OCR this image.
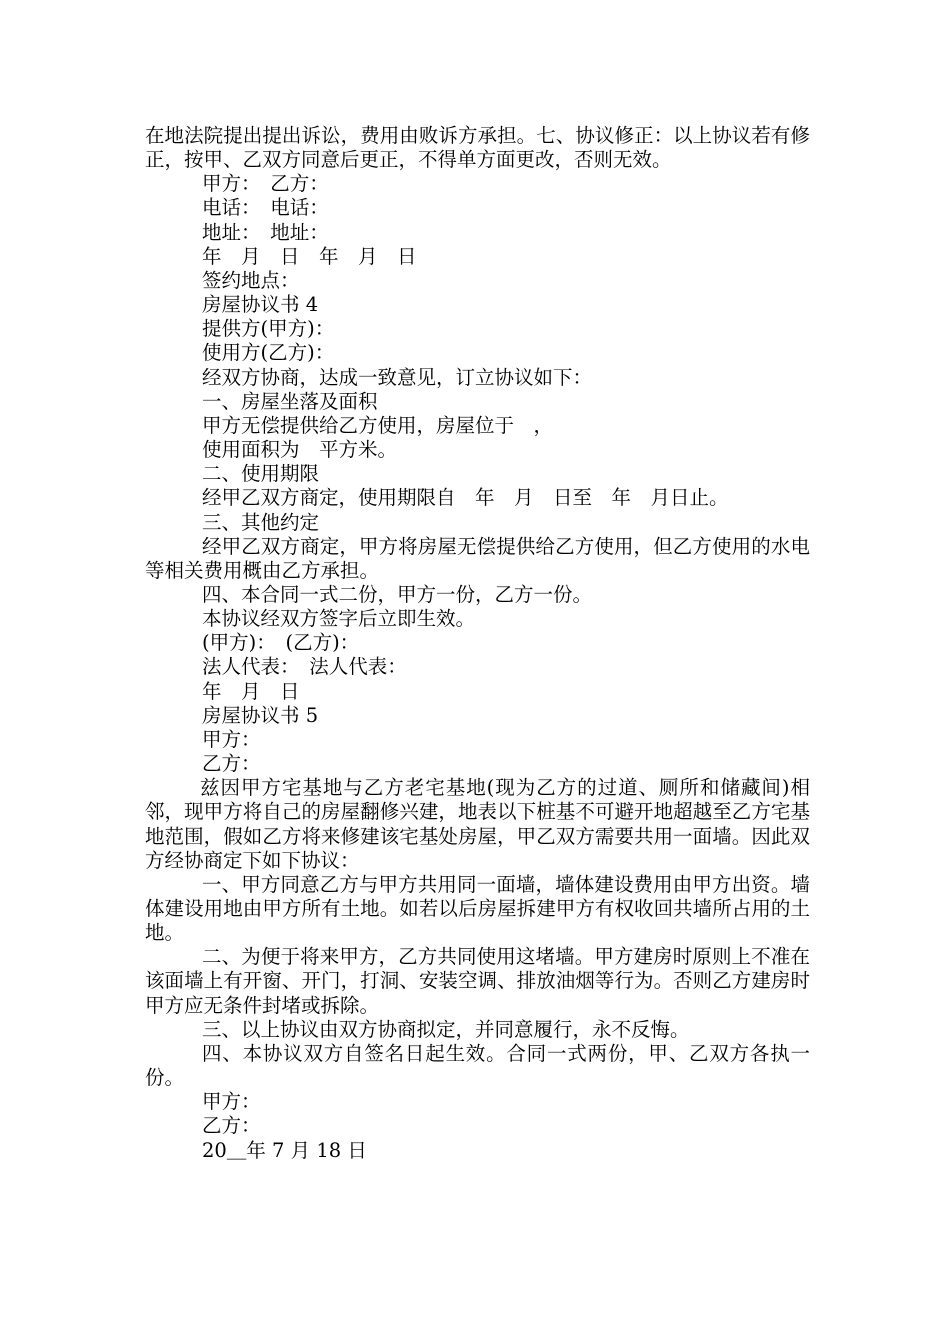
在地法院提出提出诉讼，费用由败诉方承担。七、协议修正：以上协议若有修正，按甲、乙双方同意后更正，不得单方面更改，否则无效。
甲方：　乙方：
电话：　电话：
地址：　地址：
年　月　日　年　月　日
签约地点：
房屋协议书 4
提供方(甲方)：
使用方(乙方)：
经双方协商，达成一致意见，订立协议如下：
一、房屋坐落及面积
甲方无偿提供给乙方使用，房屋位于　，
使用面积为　平方米。
二、使用期限
经甲乙双方商定，使用期限自　年　月　日至　年　月日止。
三、其他约定
经甲乙双方商定，甲方将房屋无偿提供给乙方使用，但乙方使用的水电等相关费用概由乙方承担。
四、本合同一式二份，甲方一份，乙方一份。
本协议经双方签字后立即生效。
(甲方)：　(乙方)：
法人代表：　法人代表：
年　月　日
房屋协议书 5
甲方：
乙方：
兹因甲方宅基地与乙方老宅基地(现为乙方的过道、厕所和储藏间)相邻，现甲方将自己的房屋翻修兴建，地表以下桩基不可避开地超越至乙方宅基地范围，假如乙方将来修建该宅基处房屋，甲乙双方需要共用一面墙。因此双方经协商定下如下协议：
一、甲方同意乙方与甲方共用同一面墙，墙体建设费用由甲方出资。墙体建设用地由甲方所有土地。如若以后房屋拆建甲方有权收回共墙所占用的土地。
二、为便于将来甲方，乙方共同使用这堵墙。甲方建房时原则上不准在该面墙上有开窗、开门，打洞、安装空调、排放油烟等行为。否则乙方建房时甲方应无条件封堵或拆除。
三、以上协议由双方协商拟定，并同意履行，永不反悔。
四、本协议双方自签名日起生效。合同一式两份，甲、乙双方各执一份。
甲方：
乙方：
20＿年 7 月 18 日
